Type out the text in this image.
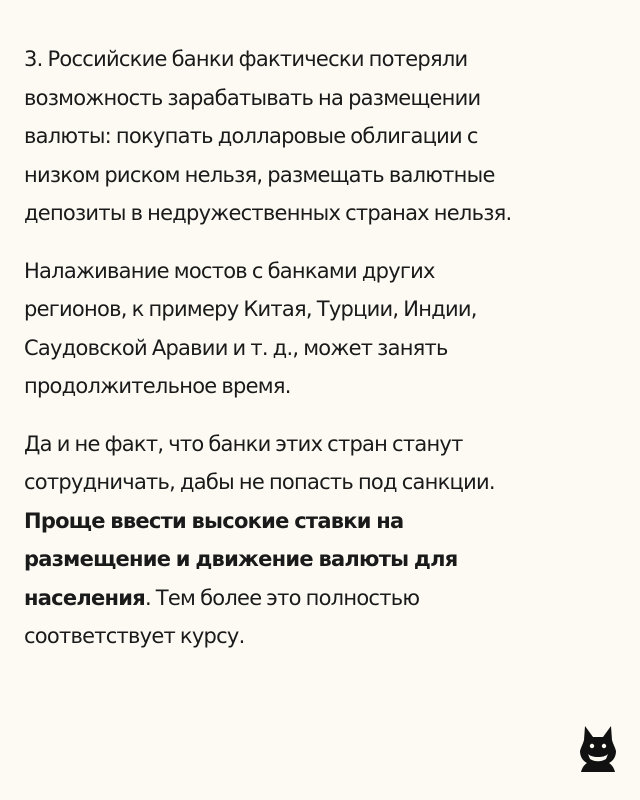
3. Российские банки фактически потеряли
возможность зарабатывать на размещении
валюты: покупать долларовые облигации с
низком риском нельзя, размещать валютные
депозиты в недружественных странах нельзя.

Налаживание мостов с банками других
регионов, к примеру Китая, Турции, Индии,
Саудовской Аравии и т. д., может занять
продолжительное время.

Да и не факт, что банки этих стран станут
сотрудничать, дабы не попасть под санкции.
Проще ввести высокие ставки на
размещение и движение валюты для
населения. Тем более это полностью
соответствует курсу.
